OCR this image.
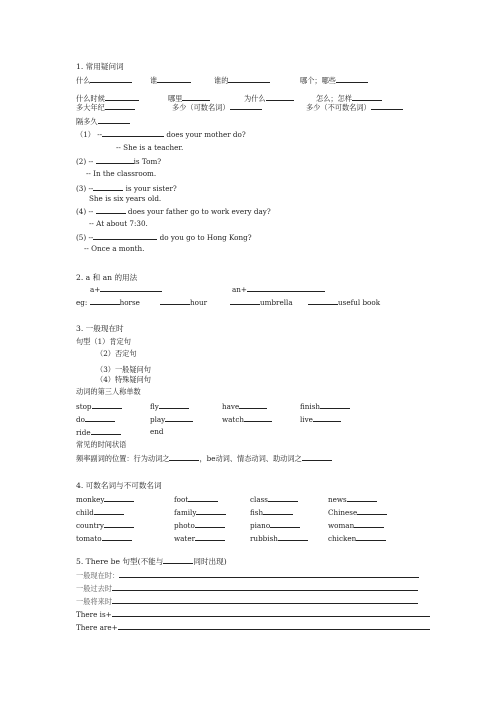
1. 常用疑问词
什么	谁	谁的	哪个；哪些
什么时候	哪里	为什么	怎么；怎样
多大年纪	多少（可数名词）	多少（不可数名词）
隔多久
（1） --	does your mother do?
-- She is a teacher.
(2) --	is Tom?
-- In the classroom.
(3) --	is your sister?
She is six years old.
(4) --	does your father go to work every day?
-- At about 7:30.
(5) --	do you go to Hong Kong?
-- Once a month.
2. a 和 an 的用法
a+	an+
eg:	horse	hour	umbrella	useful book
3. 一般现在时
句型（1）肯定句
（2）否定句
（3）一般疑问句
（4）特殊疑问句
动词的第三人称单数
stop	fly	have	finish
do	play	watch	live
ride	end
常见的时间状语
频率副词的位置：行为动词之	，be动词、情态动词、助动词之
4. 可数名词与不可数名词
monkey	foot	class	news
child	family	fish	Chinese
country	photo	piano	woman
tomato	water	rubbish	chicken
5. There be 句型(不能与	同时出现)
一般现在时：
一般过去时
一般将来时
There is+
There are+
